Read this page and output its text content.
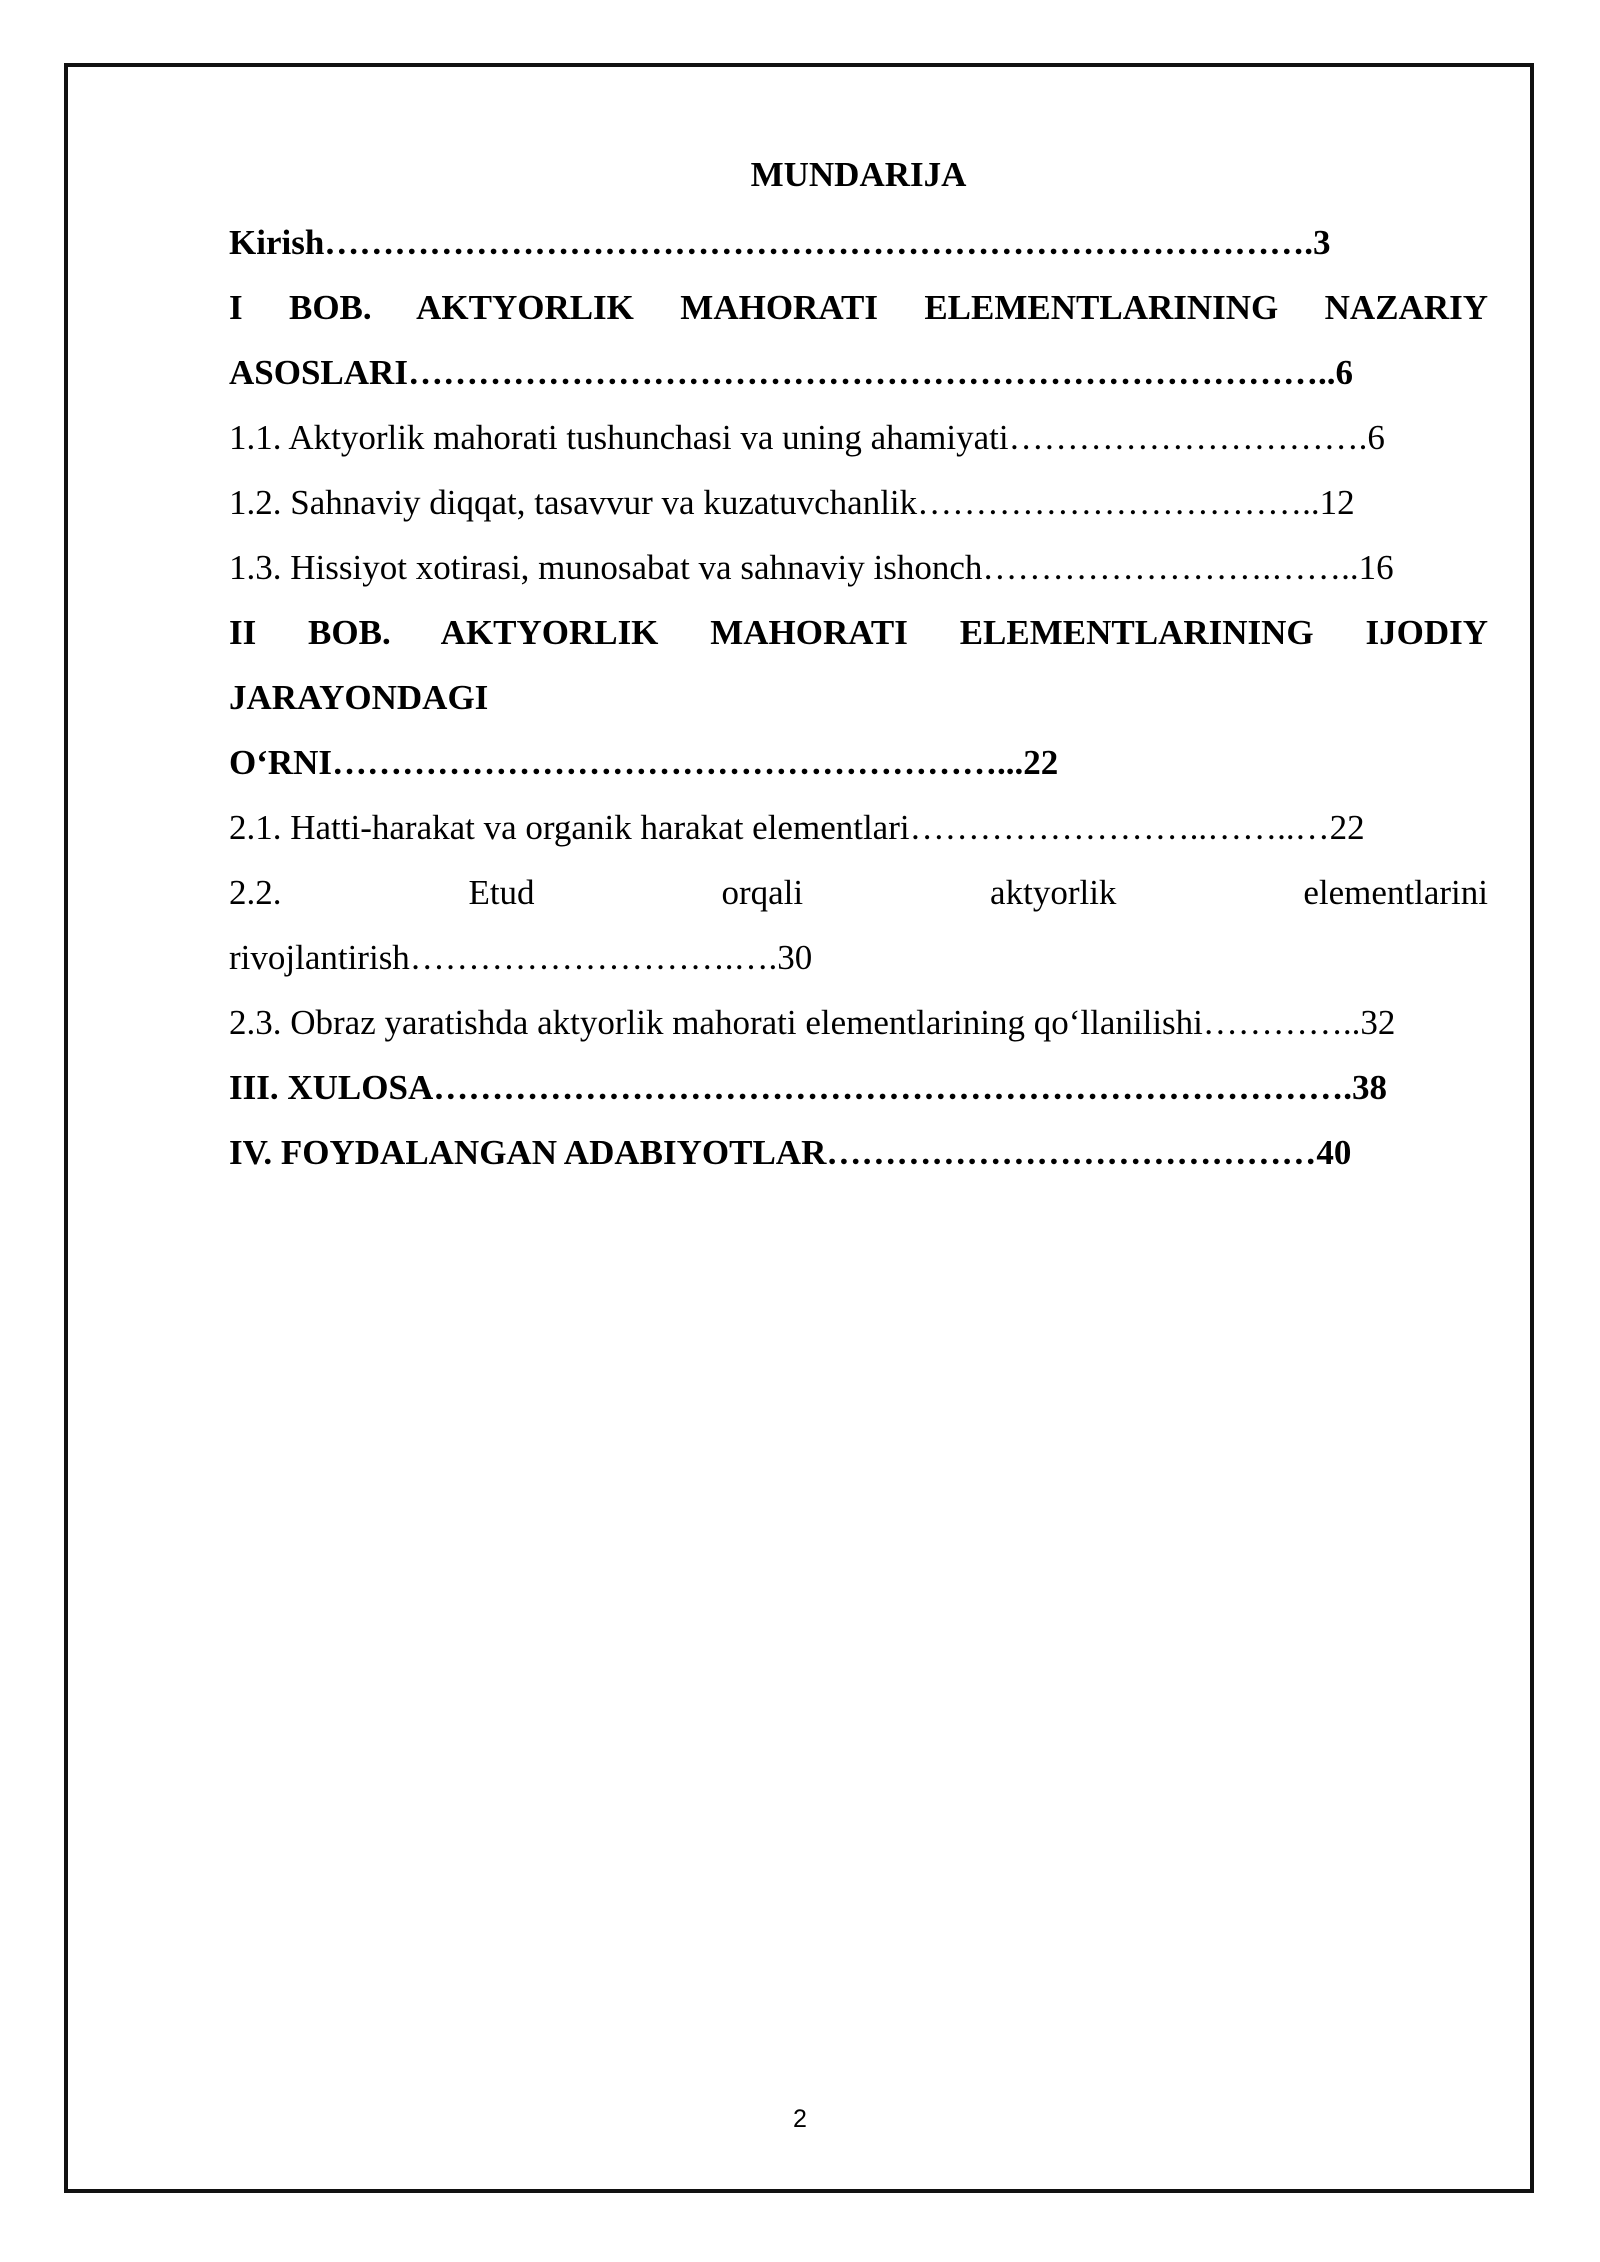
MUNDARIJA
Kirish………………………………………………………………………….3
I BOB. AKTYORLIK MAHORATI ELEMENTLARINING NAZARIY
ASOSLARI……………………………………………………………………..6
1.1. Aktyorlik mahorati tushunchasi va uning ahamiyati………………………….6
1.2. Sahnaviy diqqat, tasavvur va kuzatuvchanlik……………………………..12
1.3. Hissiyot xotirasi, munosabat va sahnaviy ishonch…………………….……..16
II BOB. AKTYORLIK MAHORATI ELEMENTLARINING IJODIY
JARAYONDAGI
O‘RNI…………………………………………………...22
2.1. Hatti-harakat va organik harakat elementlari……………………..……..…22
2.2. Etud orqali aktyorlik elementlarini
rivojlantirish……………………….….30
2.3. Obraz yaratishda aktyorlik mahorati elementlarining qo‘llanilishi…………..32
III. XULOSA…………………………………………………………………….38
IV. FOYDALANGAN ADABIYOTLAR……………………………………40
2
